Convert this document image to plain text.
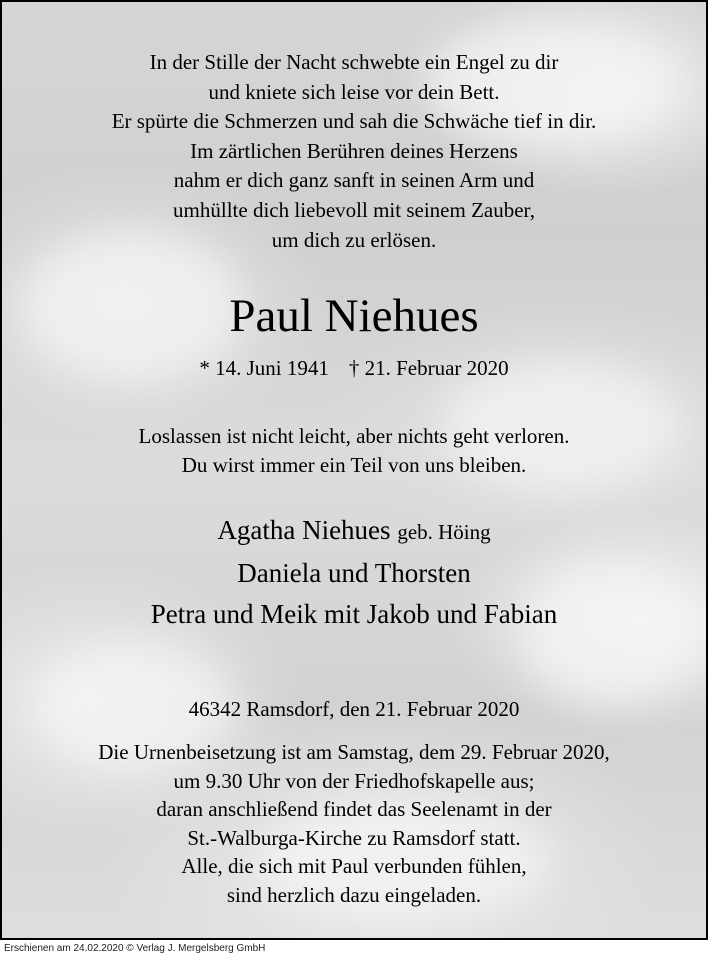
In der Stille der Nacht schwebte ein Engel zu dir
und kniete sich leise vor dein Bett.
Er spürte die Schmerzen und sah die Schwäche tief in dir.
Im zärtlichen Berühren deines Herzens
nahm er dich ganz sanft in seinen Arm und
umhüllte dich liebevoll mit seinem Zauber,
um dich zu erlösen.
Paul Niehues
* 14. Juni 1941 † 21. Februar 2020
Loslassen ist nicht leicht, aber nichts geht verloren.
Du wirst immer ein Teil von uns bleiben.
Agatha Niehues geb. Höing
Daniela und Thorsten
Petra und Meik mit Jakob und Fabian
46342 Ramsdorf, den 21. Februar 2020
Die Urnenbeisetzung ist am Samstag, dem 29. Februar 2020,
um 9.30 Uhr von der Friedhofskapelle aus;
daran anschließend findet das Seelenamt in der
St.-Walburga-Kirche zu Ramsdorf statt.
Alle, die sich mit Paul verbunden fühlen,
sind herzlich dazu eingeladen.
Erschienen am 24.02.2020 © Verlag J. Mergelsberg GmbH
